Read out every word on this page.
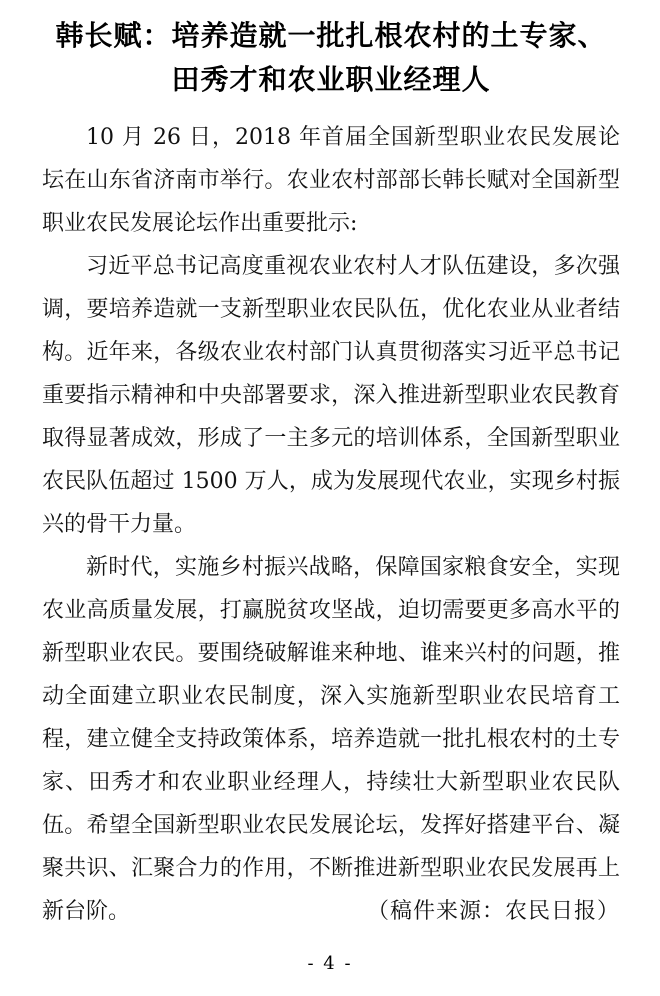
韩长赋：培养造就一批扎根农村的土专家、
田秀才和农业职业经理人

10 月 26 日，2018 年首届全国新型职业农民发展论坛在山东省济南市举行。农业农村部部长韩长赋对全国新型职业农民发展论坛作出重要批示:

习近平总书记高度重视农业农村人才队伍建设，多次强调，要培养造就一支新型职业农民队伍，优化农业从业者结构。近年来，各级农业农村部门认真贯彻落实习近平总书记重要指示精神和中央部署要求，深入推进新型职业农民教育取得显著成效，形成了一主多元的培训体系，全国新型职业农民队伍超过 1500 万人，成为发展现代农业，实现乡村振兴的骨干力量。

新时代，实施乡村振兴战略，保障国家粮食安全，实现农业高质量发展，打赢脱贫攻坚战，迫切需要更多高水平的新型职业农民。要围绕破解谁来种地、谁来兴村的问题，推动全面建立职业农民制度，深入实施新型职业农民培育工程，建立健全支持政策体系，培养造就一批扎根农村的土专家、田秀才和农业职业经理人，持续壮大新型职业农民队伍。希望全国新型职业农民发展论坛，发挥好搭建平台、凝聚共识、汇聚合力的作用，不断推进新型职业农民发展再上新台阶。	（稿件来源：农民日报）

- 4 -
